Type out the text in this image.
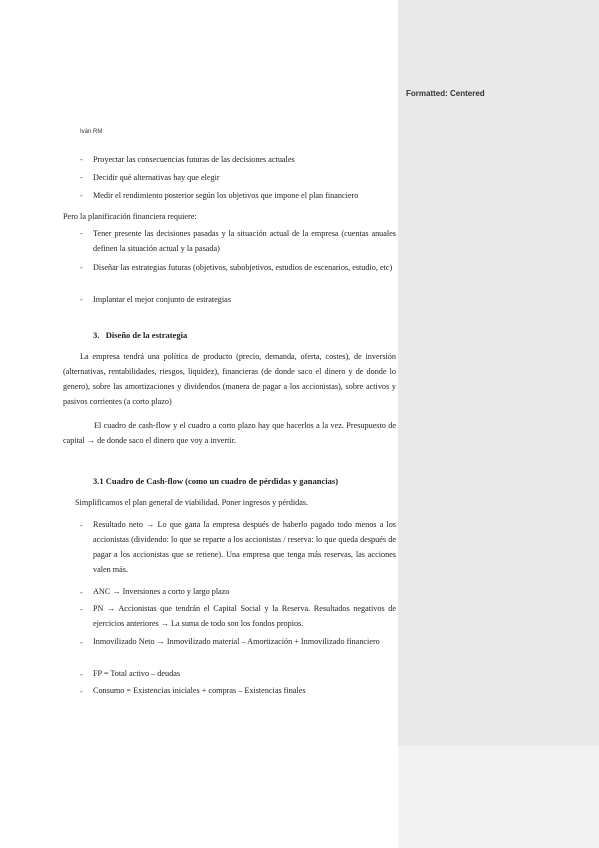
Iván RM
- Proyectar las consecuencias futuras de las decisiones actuales
- Decidir qué alternativas hay que elegir
- Medir el rendimiento posterior según los objetivos que impone el plan financiero
Pero la planificación financiera requiere:
- Tener presente las decisiones pasadas y la situación actual de la empresa (cuentas anuales definen la situación actual y la pasada)
- Diseñar las estrategias futuras (objetivos, subobjetivos, estudios de escenarios, estudio, etc)
- Implantar el mejor conjunto de estrategias
3. Diseño de la estrategia
La empresa tendrá una política de producto (precio, demanda, oferta, costes), de inversión (alternativas, rentabilidades, riesgos, liquidez), financieras (de donde saco el dinero y de donde lo genero), sobre las amortizaciones y dividendos (manera de pagar a los accionistas), sobre activos y pasivos corrientes (a corto plazo)
El cuadro de cash-flow y el cuadro a corto plazo hay que hacerlos a la vez. Presupuesto de capital → de donde saco el dinero que voy a invertir.
3.1 Cuadro de Cash-flow (como un cuadro de pérdidas y ganancias)
Simplificamos el plan general de viabilidad. Poner ingresos y pérdidas.
- Resultado neto → Lo que gana la empresa después de haberlo pagado todo menos a los accionistas (dividendo: lo que se reparte a los accionistas / reserva: lo que queda después de pagar a los accionistas que se retiene). Una empresa que tenga más reservas, las acciones valen más.
- ANC → Inversiones a corto y largo plazo
- PN → Accionistas que tendrán el Capital Social y la Reserva. Resultados negativos de ejercicios anteriores → La suma de todo son los fondos propios.
- Inmovilizado Neto → Inmovilizado material – Amortización + Inmovilizado financiero
- FP = Total activo – deudas
- Consumo = Existencias iniciales + compras – Existencias finales
Formatted: Centered
